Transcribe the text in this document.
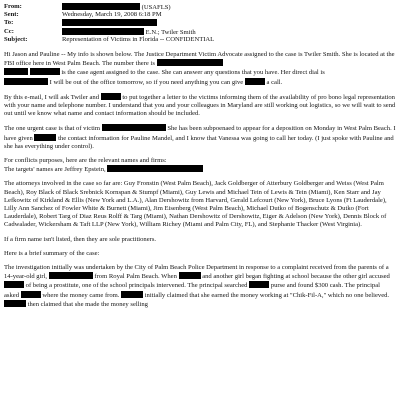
From:	(USAFLS)
Sent:	Wednesday, March 19, 2008 6:18 PM
To:
Cc:	E.N.; Twiler Smith
Subject:	Representation of Victims in Florida -- CONFIDENTIAL

Hi Jason and Pauline -- My info is shown below. The Justice Department Victim Advocate assigned to the case is Twiler Smith. She is located at the FBI office here in West Palm Beach. The number there is
is the case agent assigned to the case. She can answer any questions that you have. Her direct dial is
I will be out of the office tomorrow, so if you need anything you can give	a call.

By this e-mail, I will ask Twiler and	to put together a letter to the victims informing them of the availability of pro bono legal representation with your name and telephone number. I understand that you and your colleagues in Maryland are still working out logistics, so we will wait to send out until we know what name and contact information should be included.

The one urgent case is that of victim	She has been subpoenaed to appear for a deposition on Monday in West Palm Beach. I have given	the contact information for Pauline Mandel, and I know that Vanessa was going to call her today. (I just spoke with Pauline and she has everything under control).

For conflicts purposes, here are the relevant names and firms:
The targets' names are Jeffrey Epstein,

The attorneys involved in the case so far are: Guy Fronstin (West Palm Beach), Jack Goldberger of Atterbury Goldberger and Weiss (West Palm Beach), Roy Black of Black Srebnick Kornspan & Stumpf (Miami), Guy Lewis and Michael Tein of Lewis & Tein (Miami), Ken Starr and Jay Lefkowitz of Kirkland & Ellis (New York and L.A.), Alan Dershowitz from Harvard, Gerald Lefcourt (New York), Bruce Lyons (Ft Lauderdale), Lilly Ann Sanchez of Fowler White & Burnett (Miami), Jim Eisenberg (West Palm Beach), Michael Dutko of Bogenschutz & Dutko (Fort Lauderdale), Robert Targ of Diaz Reus Rolff & Targ (Miami), Nathan Dershowitz of Dershowitz, Eiger & Adelson (New York), Dennis Block of Cadwalader, Wickersham & Taft LLP (New York), William Richey (Miami and Palm City, FL), and Stephanie Thacker (West Virginia).

If a firm name isn't listed, then they are sole practitioners.

Here is a brief summary of the case:

The investigation initially was undertaken by the City of Palm Beach Police Department in response to a complaint received from the parents of a 14-year-old girl,	from Royal Palm Beach. When	and another girl began fighting at school because the other girl accused  of being a prostitute, one of the school principals intervened. The principal searched	purse and found $300 cash. The principal asked	where the money came from.	initially claimed that she earned the money working at "Chik-Fil-A," which no one believed.  then claimed that she made the money selling
